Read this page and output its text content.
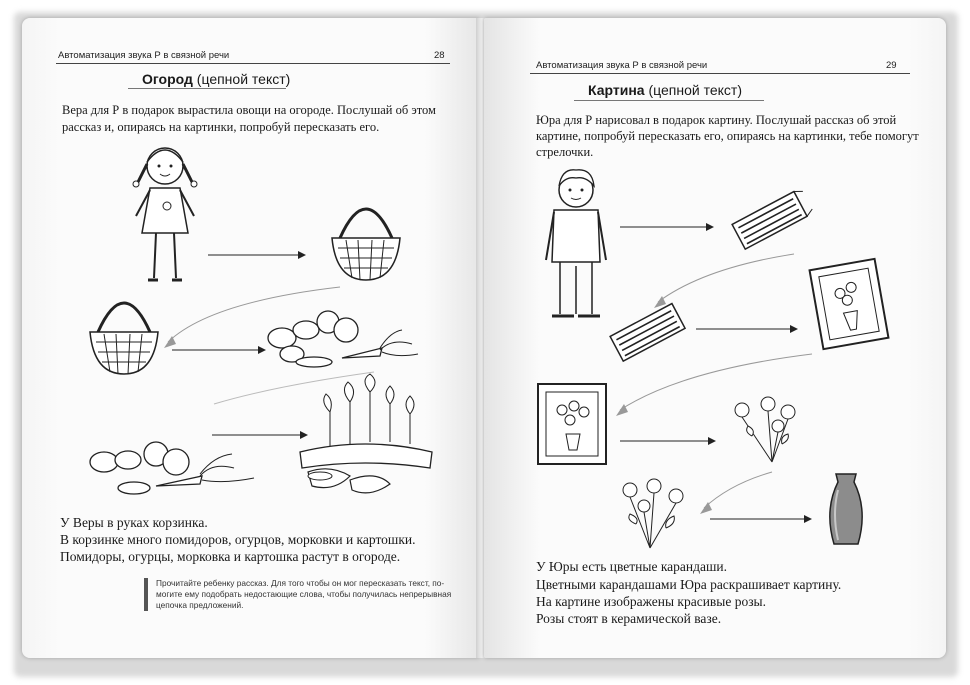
Автоматизация звука Р в связной речи	28
Огород (цепной текст)
Вера для Р в подарок вырастила овощи на огороде. Послушай об этом
рассказ и, опираясь на картинки, попробуй пересказать его.
У Веры в руках корзинка.
В корзинке много помидоров, огурцов, морковки и картошки.
Помидоры, огурцы, морковка и картошка растут в огороде.
Прочитайте ребенку рассказ. Для того чтобы он мог пересказать текст, по-
могите ему подобрать недостающие слова, чтобы получилась непрерывная
цепочка предложений.
Автоматизация звука Р в связной речи	29
Картина (цепной текст)
Юра для Р нарисовал в подарок картину. Послушай рассказ об этой
картине, попробуй пересказать его, опираясь на картинки, тебе помогут
стрелочки.
У Юры есть цветные карандаши.
Цветными карандашами Юра раскрашивает картину.
На картине изображены красивые розы.
Розы стоят в керамической вазе.
